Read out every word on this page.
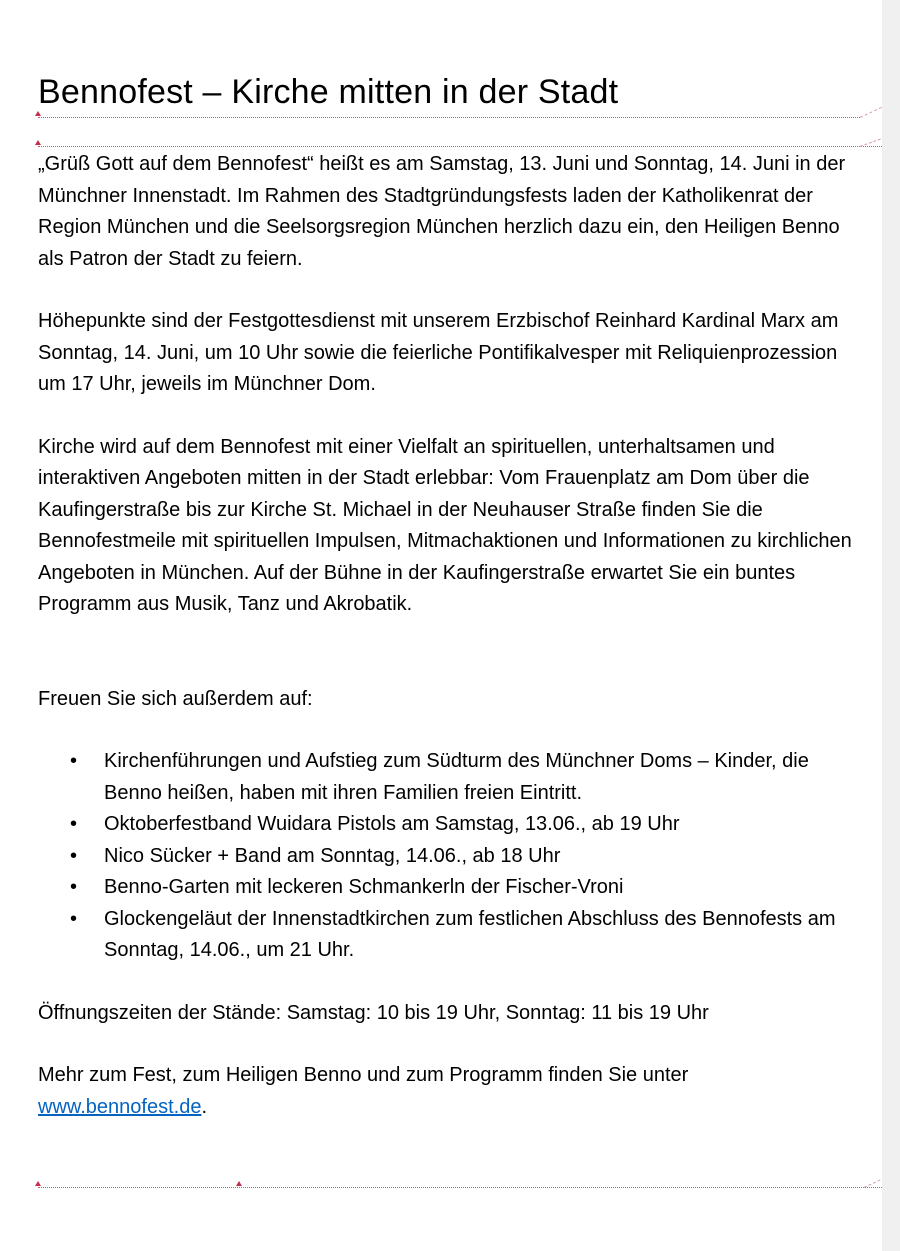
Bennofest – Kirche mitten in der Stadt

„Grüß Gott auf dem Bennofest“ heißt es am Samstag, 13. Juni und Sonntag, 14. Juni in der Münchner Innenstadt. Im Rahmen des Stadtgründungsfests laden der Katholikenrat der Region München und die Seelsorgsregion München herzlich dazu ein, den Heiligen Benno als Patron der Stadt zu feiern.

Höhepunkte sind der Festgottesdienst mit unserem Erzbischof Reinhard Kardinal Marx am Sonntag, 14. Juni, um 10 Uhr sowie die feierliche Pontifikalvesper mit Reliquienprozession um 17 Uhr, jeweils im Münchner Dom.

Kirche wird auf dem Bennofest mit einer Vielfalt an spirituellen, unterhaltsamen und interaktiven Angeboten mitten in der Stadt erlebbar: Vom Frauenplatz am Dom über die Kaufingerstraße bis zur Kirche St. Michael in der Neuhauser Straße finden Sie die Bennofestmeile mit spirituellen Impulsen, Mitmachaktionen und Informationen zu kirchlichen Angeboten in München. Auf der Bühne in der Kaufingerstraße erwartet Sie ein buntes Programm aus Musik, Tanz und Akrobatik.

Freuen Sie sich außerdem auf:

• Kirchenführungen und Aufstieg zum Südturm des Münchner Doms – Kinder, die Benno heißen, haben mit ihren Familien freien Eintritt.
• Oktoberfestband Wuidara Pistols am Samstag, 13.06., ab 19 Uhr
• Nico Sücker + Band am Sonntag, 14.06., ab 18 Uhr
• Benno-Garten mit leckeren Schmankerln der Fischer-Vroni
• Glockengeläut der Innenstadtkirchen zum festlichen Abschluss des Bennofests am Sonntag, 14.06., um 21 Uhr.

Öffnungszeiten der Stände: Samstag: 10 bis 19 Uhr, Sonntag: 11 bis 19 Uhr

Mehr zum Fest, zum Heiligen Benno und zum Programm finden Sie unter
www.bennofest.de.
